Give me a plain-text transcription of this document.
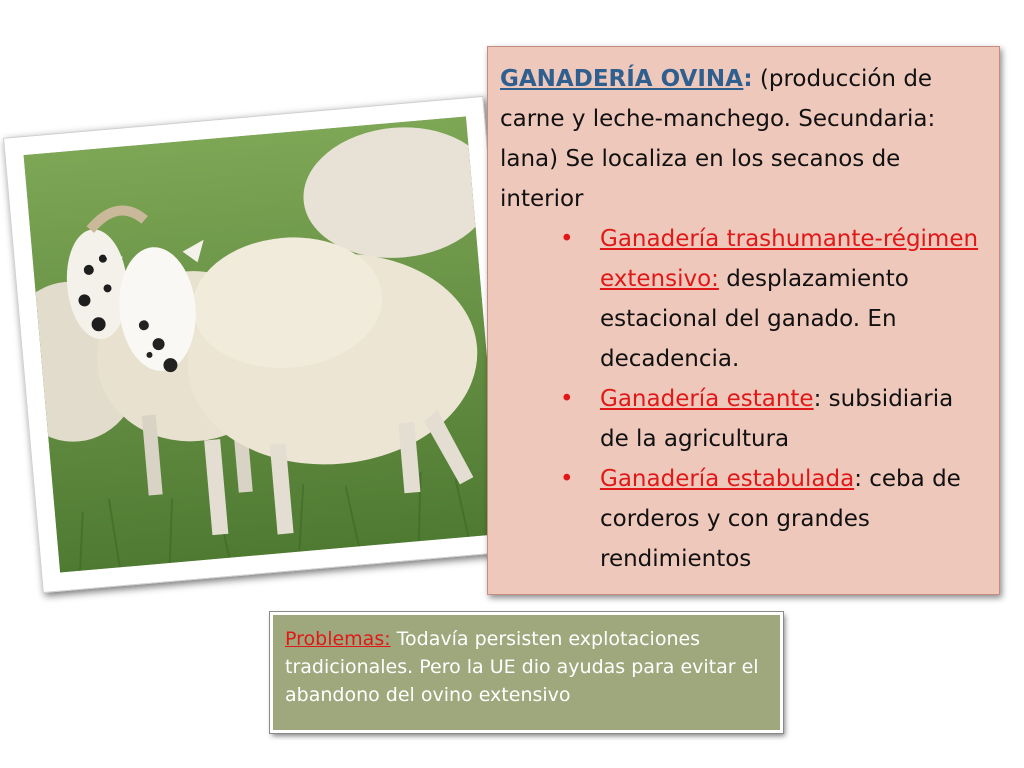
GANADERÍA OVINA: (producción de carne y leche-manchego. Secundaria: lana) Se localiza en los secanos de interior
• Ganadería trashumante-régimen extensivo: desplazamiento estacional del ganado. En decadencia.
• Ganadería estante: subsidiaria de la agricultura
• Ganadería estabulada: ceba de corderos y con grandes rendimientos
Problemas: Todavía persisten explotaciones tradicionales. Pero la UE dio ayudas para evitar el abandono del ovino extensivo
